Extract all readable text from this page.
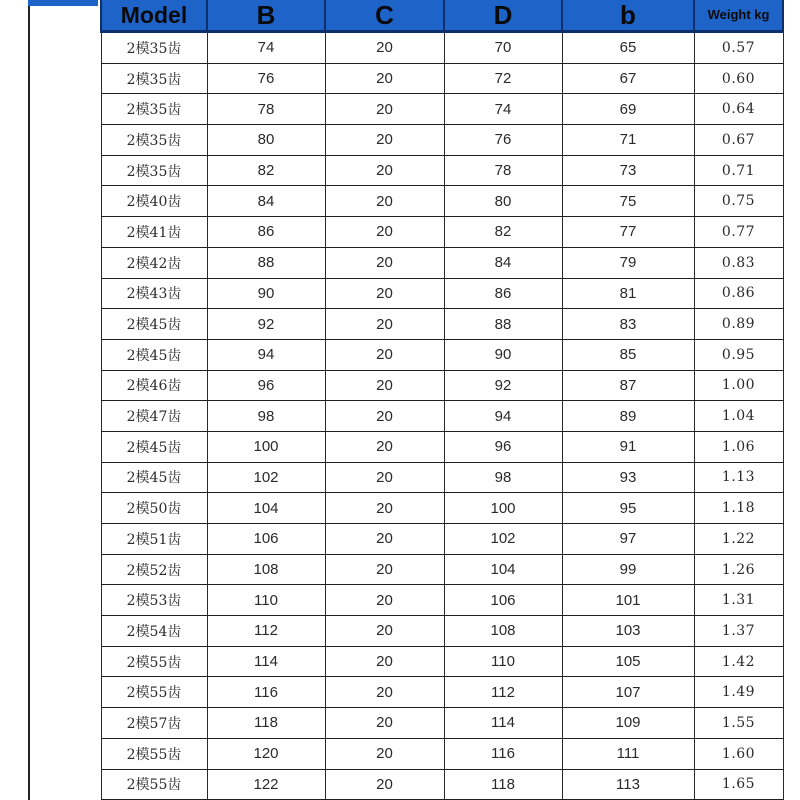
Model	B	C	D	b	Weight kg
2模35齿	74	20	70	65	0.57
2模35齿	76	20	72	67	0.60
2模35齿	78	20	74	69	0.64
2模35齿	80	20	76	71	0.67
2模35齿	82	20	78	73	0.71
2模40齿	84	20	80	75	0.75
2模41齿	86	20	82	77	0.77
2模42齿	88	20	84	79	0.83
2模43齿	90	20	86	81	0.86
2模45齿	92	20	88	83	0.89
2模45齿	94	20	90	85	0.95
2模46齿	96	20	92	87	1.00
2模47齿	98	20	94	89	1.04
2模45齿	100	20	96	91	1.06
2模45齿	102	20	98	93	1.13
2模50齿	104	20	100	95	1.18
2模51齿	106	20	102	97	1.22
2模52齿	108	20	104	99	1.26
2模53齿	110	20	106	101	1.31
2模54齿	112	20	108	103	1.37
2模55齿	114	20	110	105	1.42
2模55齿	116	20	112	107	1.49
2模57齿	118	20	114	109	1.55
2模55齿	120	20	116	111	1.60
2模55齿	122	20	118	113	1.65
